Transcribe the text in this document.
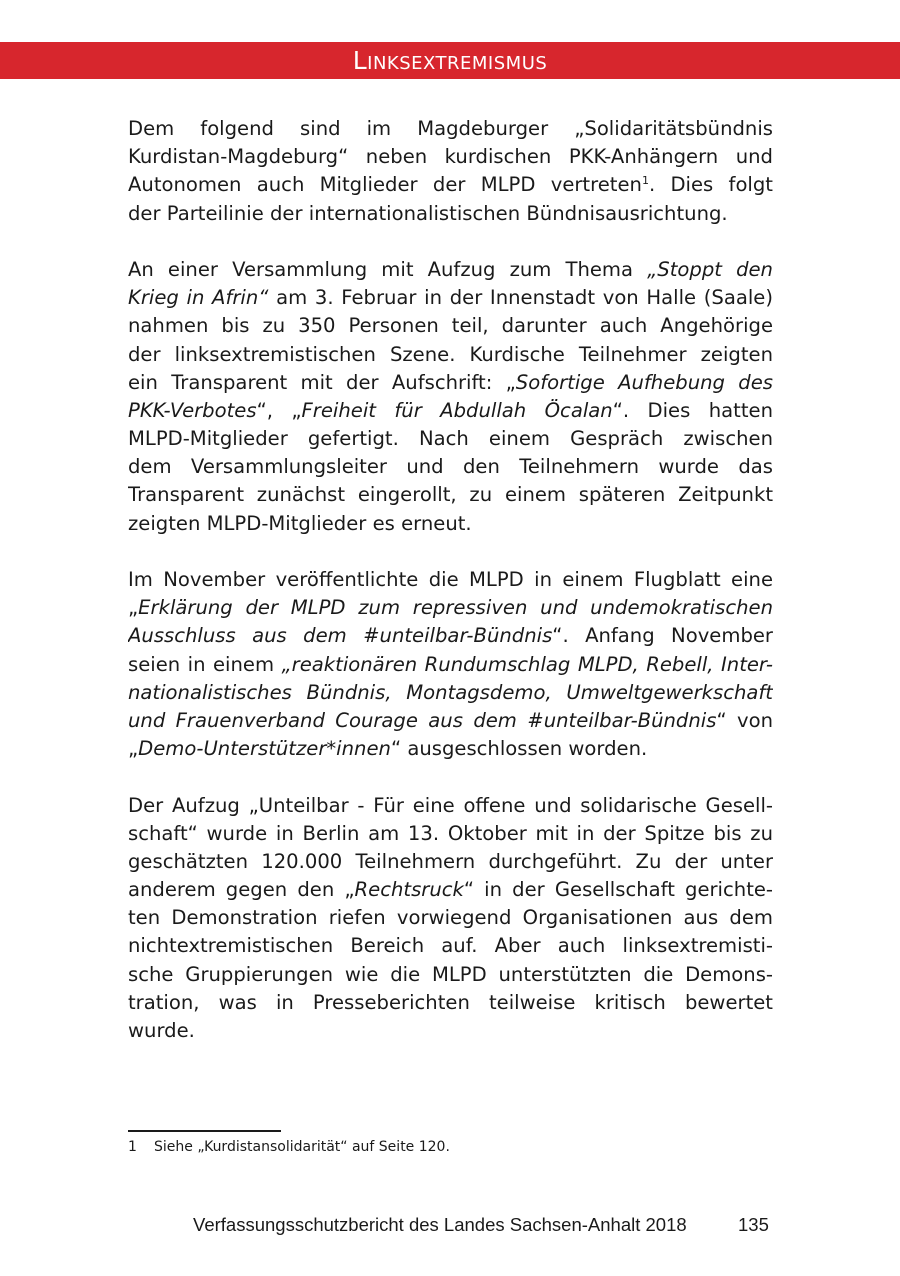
Linksextremismus

Dem folgend sind im Magdeburger „Solidaritätsbündnis
Kurdistan-Magdeburg“ neben kurdischen PKK-Anhängern und
Autonomen auch Mitglieder der MLPD vertreten$^1$. Dies folgt
der Parteilinie der internationalistischen Bündnisausrichtung.

An einer Versammlung mit Aufzug zum Thema „Stoppt den
Krieg in Afrin“ am 3. Februar in der Innenstadt von Halle (Saale)
nahmen bis zu 350 Personen teil, darunter auch Angehörige
der linksextremistischen Szene. Kurdische Teilnehmer zeigten
ein Transparent mit der Aufschrift: „Sofortige Aufhebung des
PKK-Verbotes“, „Freiheit für Abdullah Öcalan“. Dies hatten
MLPD-Mitglieder gefertigt. Nach einem Gespräch zwischen
dem Versammlungsleiter und den Teilnehmern wurde das
Transparent zunächst eingerollt, zu einem späteren Zeitpunkt
zeigten MLPD-Mitglieder es erneut.

Im November veröffentlichte die MLPD in einem Flugblatt eine
„Erklärung der MLPD zum repressiven und undemokratischen
Ausschluss aus dem #unteilbar-Bündnis“. Anfang November
seien in einem „reaktionären Rundumschlag MLPD, Rebell, Inter-
nationalistisches Bündnis, Montagsdemo, Umweltgewerkschaft
und Frauenverband Courage aus dem #unteilbar-Bündnis“ von
„Demo-Unterstützer*innen“ ausgeschlossen worden.

Der Aufzug „Unteilbar - Für eine offene und solidarische Gesell-
schaft“ wurde in Berlin am 13. Oktober mit in der Spitze bis zu
geschätzten 120.000 Teilnehmern durchgeführt. Zu der unter
anderem gegen den „Rechtsruck“ in der Gesellschaft gerichte-
ten Demonstration riefen vorwiegend Organisationen aus dem
nichtextremistischen Bereich auf. Aber auch linksextremisti-
sche Gruppierungen wie die MLPD unterstützten die Demons-
tration, was in Presseberichten teilweise kritisch bewertet
wurde.

1 Siehe „Kurdistansolidarität“ auf Seite 120.
Verfassungsschutzbericht des Landes Sachsen-Anhalt 2018	135
